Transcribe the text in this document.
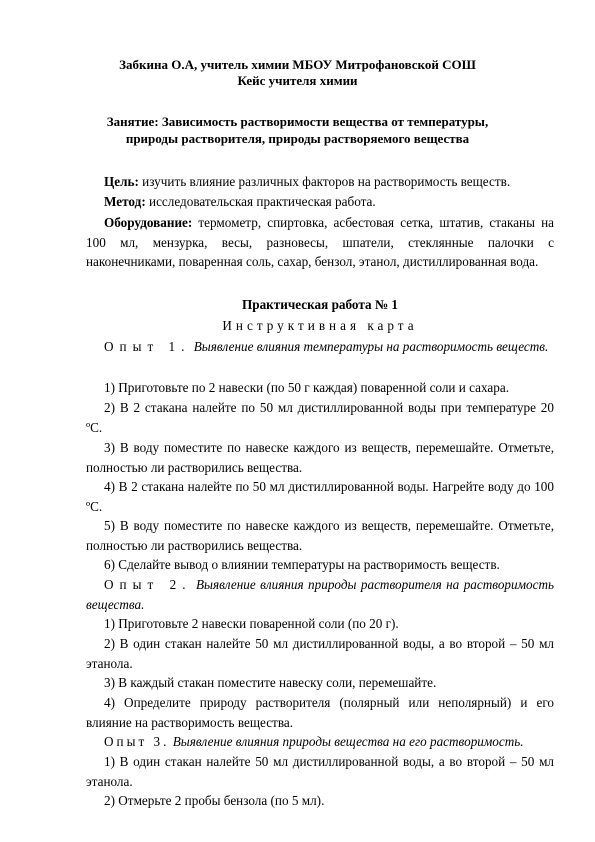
Забкина О.А, учитель химии МБОУ Митрофановской СОШ
Кейс учителя химии
Занятие: Зависимость растворимости вещества от температуры,
природы растворителя, природы растворяемого вещества
Цель: изучить влияние различных факторов на растворимость веществ.
Метод: исследовательская практическая работа.
Оборудование: термометр, спиртовка, асбестовая сетка, штатив, стаканы на 100 мл, мензурка, весы, разновесы, шпатели, стеклянные палочки с наконечниками, поваренная соль, сахар, бензол, этанол, дистиллированная вода.
Практическая работа № 1
Инструктивная карта
Опыт 1. Выявление влияния температуры на растворимость веществ.
1) Приготовьте по 2 навески (по 50 г каждая) поваренной соли и сахара.
2) В 2 стакана налейте по 50 мл дистиллированной воды при температуре 20 ºС.
3) В воду поместите по навеске каждого из веществ, перемешайте. Отметьте, полностью ли растворились вещества.
4) В 2 стакана налейте по 50 мл дистиллированной воды. Нагрейте воду до 100 ºС.
5) В воду поместите по навеске каждого из веществ, перемешайте. Отметьте, полностью ли растворились вещества.
6) Сделайте вывод о влиянии температуры на растворимость веществ.
Опыт 2. Выявление влияния природы растворителя на растворимость вещества.
1) Приготовьте 2 навески поваренной соли (по 20 г).
2) В один стакан налейте 50 мл дистиллированной воды, а во второй – 50 мл этанола.
3) В каждый стакан поместите навеску соли, перемешайте.
4) Определите природу растворителя (полярный или неполярный) и его влияние на растворимость вещества.
Опыт 3. Выявление влияния природы вещества на его растворимость.
1) В один стакан налейте 50 мл дистиллированной воды, а во второй – 50 мл этанола.
2) Отмерьте 2 пробы бензола (по 5 мл).
